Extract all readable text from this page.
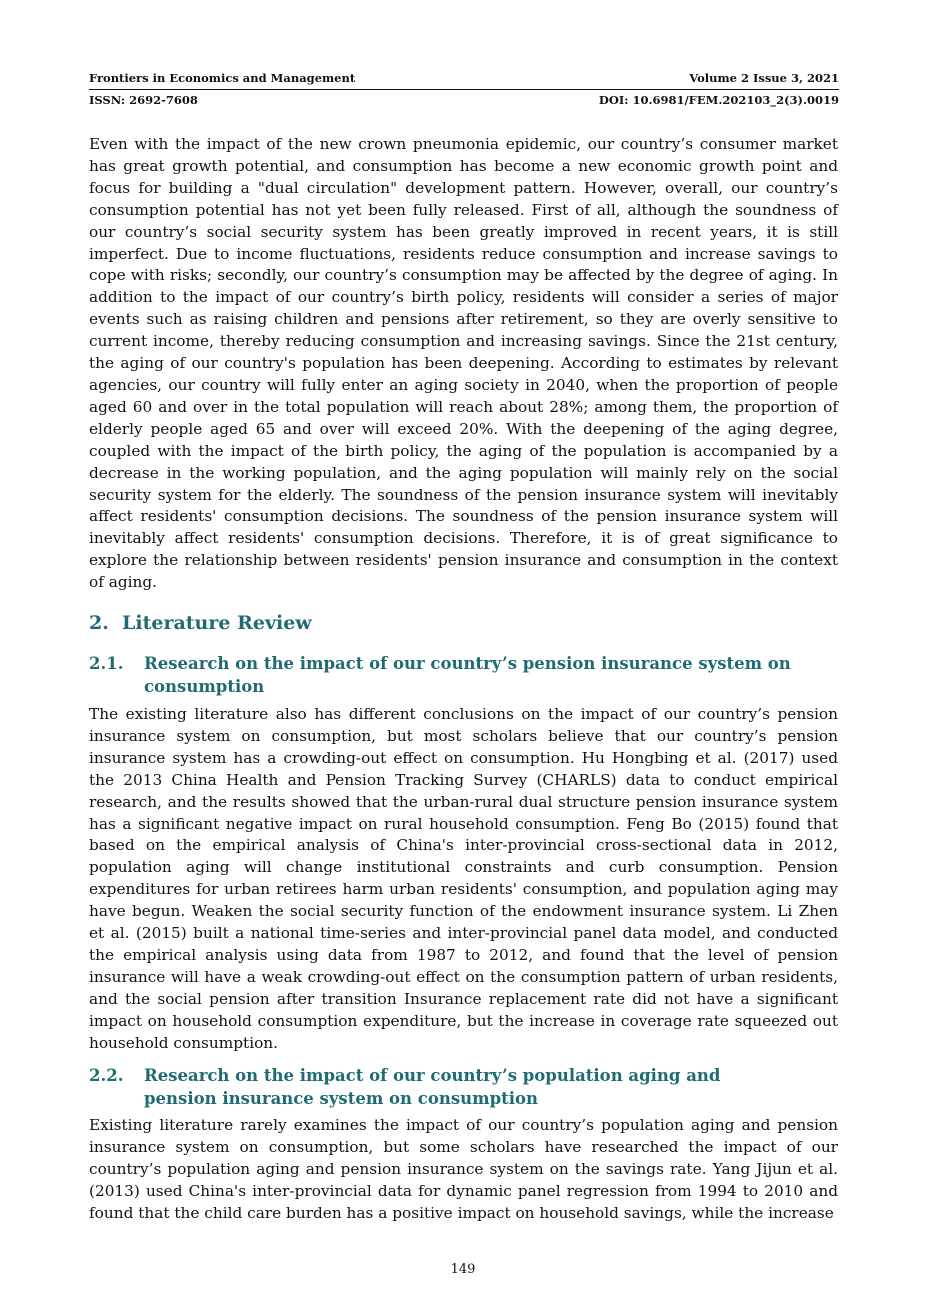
Frontiers in Economics and Management	Volume 2 Issue 3, 2021
ISSN: 2692-7608	DOI: 10.6981/FEM.202103_2(3).0019

Even with the impact of the new crown pneumonia epidemic, our country’s consumer market has great growth potential, and consumption has become a new economic growth point and focus for building a "dual circulation" development pattern. However, overall, our country’s consumption potential has not yet been fully released. First of all, although the soundness of our country’s social security system has been greatly improved in recent years, it is still imperfect. Due to income fluctuations, residents reduce consumption and increase savings to cope with risks; secondly, our country’s consumption may be affected by the degree of aging. In addition to the impact of our country’s birth policy, residents will consider a series of major events such as raising children and pensions after retirement, so they are overly sensitive to current income, thereby reducing consumption and increasing savings. Since the 21st century, the aging of our country's population has been deepening. According to estimates by relevant agencies, our country will fully enter an aging society in 2040, when the proportion of people aged 60 and over in the total population will reach about 28%; among them, the proportion of elderly people aged 65 and over will exceed 20%. With the deepening of the aging degree, coupled with the impact of the birth policy, the aging of the population is accompanied by a decrease in the working population, and the aging population will mainly rely on the social security system for the elderly. The soundness of the pension insurance system will inevitably affect residents' consumption decisions. The soundness of the pension insurance system will inevitably affect residents' consumption decisions. Therefore, it is of great significance to explore the relationship between residents' pension insurance and consumption in the context of aging.

2. Literature Review
2.1.	Research on the impact of our country’s pension insurance system on consumption

The existing literature also has different conclusions on the impact of our country’s pension insurance system on consumption, but most scholars believe that our country’s pension insurance system has a crowding-out effect on consumption. Hu Hongbing et al. (2017) used the 2013 China Health and Pension Tracking Survey (CHARLS) data to conduct empirical research, and the results showed that the urban-rural dual structure pension insurance system has a significant negative impact on rural household consumption. Feng Bo (2015) found that based on the empirical analysis of China's inter-provincial cross-sectional data in 2012, population aging will change institutional constraints and curb consumption. Pension expenditures for urban retirees harm urban residents' consumption, and population aging may have begun. Weaken the social security function of the endowment insurance system. Li Zhen et al. (2015) built a national time-series and inter-provincial panel data model, and conducted the empirical analysis using data from 1987 to 2012, and found that the level of pension insurance will have a weak crowding-out effect on the consumption pattern of urban residents, and the social pension after transition Insurance replacement rate did not have a significant impact on household consumption expenditure, but the increase in coverage rate squeezed out household consumption.

2.2.	Research on the impact of our country’s population aging and pension insurance system on consumption

Existing literature rarely examines the impact of our country’s population aging and pension insurance system on consumption, but some scholars have researched the impact of our country’s population aging and pension insurance system on the savings rate. Yang Jijun et al. (2013) used China's inter-provincial data for dynamic panel regression from 1994 to 2010 and found that the child care burden has a positive impact on household savings, while the increase

149
